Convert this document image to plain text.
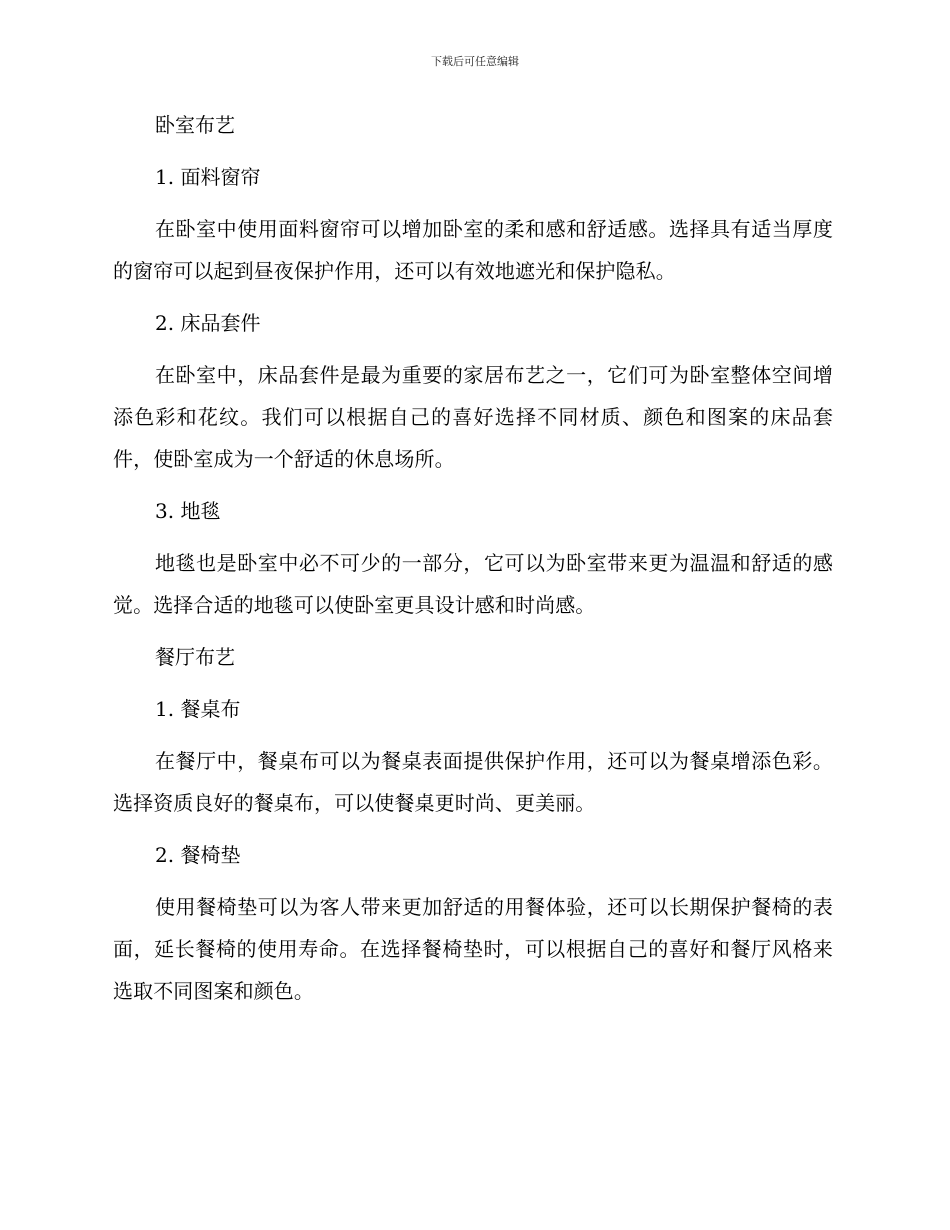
下载后可任意编辑

卧室布艺

1. 面料窗帘

在卧室中使用面料窗帘可以增加卧室的柔和感和舒适感。选择具有适当厚度的窗帘可以起到昼夜保护作用，还可以有效地遮光和保护隐私。

2. 床品套件

在卧室中，床品套件是最为重要的家居布艺之一，它们可为卧室整体空间增添色彩和花纹。我们可以根据自己的喜好选择不同材质、颜色和图案的床品套件，使卧室成为一个舒适的休息场所。

3. 地毯

地毯也是卧室中必不可少的一部分，它可以为卧室带来更为温温和舒适的感觉。选择合适的地毯可以使卧室更具设计感和时尚感。

餐厅布艺

1. 餐桌布

在餐厅中，餐桌布可以为餐桌表面提供保护作用，还可以为餐桌增添色彩。选择资质良好的餐桌布，可以使餐桌更时尚、更美丽。

2. 餐椅垫

使用餐椅垫可以为客人带来更加舒适的用餐体验，还可以长期保护餐椅的表面，延长餐椅的使用寿命。在选择餐椅垫时，可以根据自己的喜好和餐厅风格来选取不同图案和颜色。
